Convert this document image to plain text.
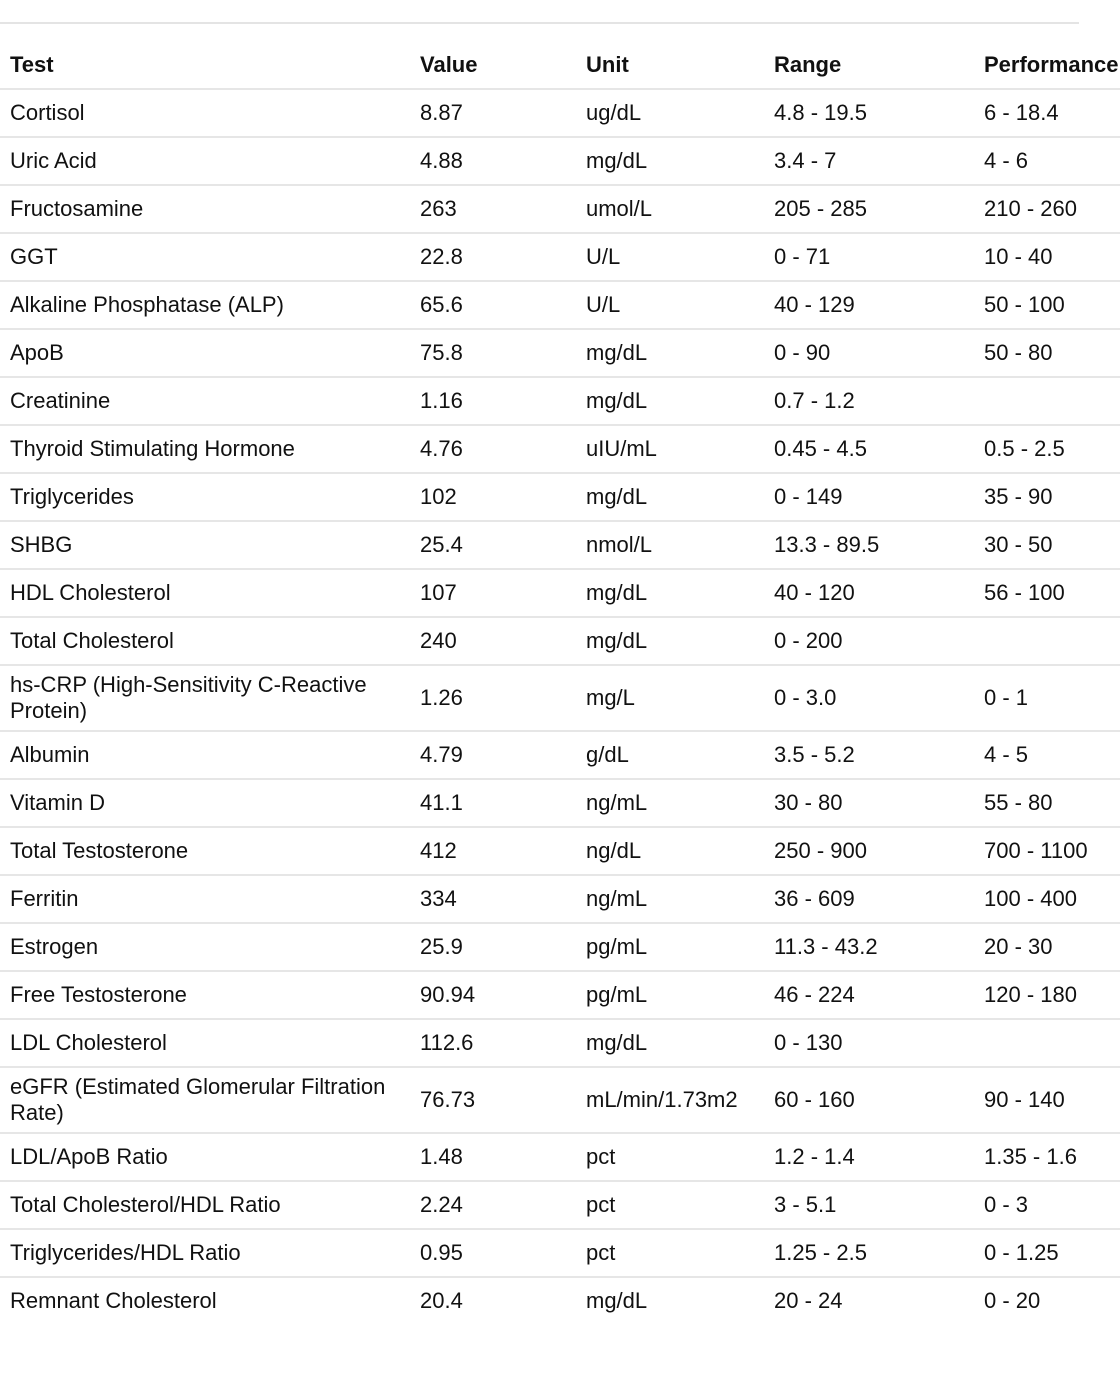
Test	Value	Unit	Range	Performance
Cortisol	8.87	ug/dL	4.8 - 19.5	6 - 18.4
Uric Acid	4.88	mg/dL	3.4 - 7	4 - 6
Fructosamine	263	umol/L	205 - 285	210 - 260
GGT	22.8	U/L	0 - 71	10 - 40
Alkaline Phosphatase (ALP)	65.6	U/L	40 - 129	50 - 100
ApoB	75.8	mg/dL	0 - 90	50 - 80
Creatinine	1.16	mg/dL	0.7 - 1.2	
Thyroid Stimulating Hormone	4.76	uIU/mL	0.45 - 4.5	0.5 - 2.5
Triglycerides	102	mg/dL	0 - 149	35 - 90
SHBG	25.4	nmol/L	13.3 - 89.5	30 - 50
HDL Cholesterol	107	mg/dL	40 - 120	56 - 100
Total Cholesterol	240	mg/dL	0 - 200	
hs-CRP (High-Sensitivity C-Reactive Protein)	1.26	mg/L	0 - 3.0	0 - 1
Albumin	4.79	g/dL	3.5 - 5.2	4 - 5
Vitamin D	41.1	ng/mL	30 - 80	55 - 80
Total Testosterone	412	ng/dL	250 - 900	700 - 1100
Ferritin	334	ng/mL	36 - 609	100 - 400
Estrogen	25.9	pg/mL	11.3 - 43.2	20 - 30
Free Testosterone	90.94	pg/mL	46 - 224	120 - 180
LDL Cholesterol	112.6	mg/dL	0 - 130	
eGFR (Estimated Glomerular Filtration Rate)	76.73	mL/min/1.73m2	60 - 160	90 - 140
LDL/ApoB Ratio	1.48	pct	1.2 - 1.4	1.35 - 1.6
Total Cholesterol/HDL Ratio	2.24	pct	3 - 5.1	0 - 3
Triglycerides/HDL Ratio	0.95	pct	1.25 - 2.5	0 - 1.25
Remnant Cholesterol	20.4	mg/dL	20 - 24	0 - 20
